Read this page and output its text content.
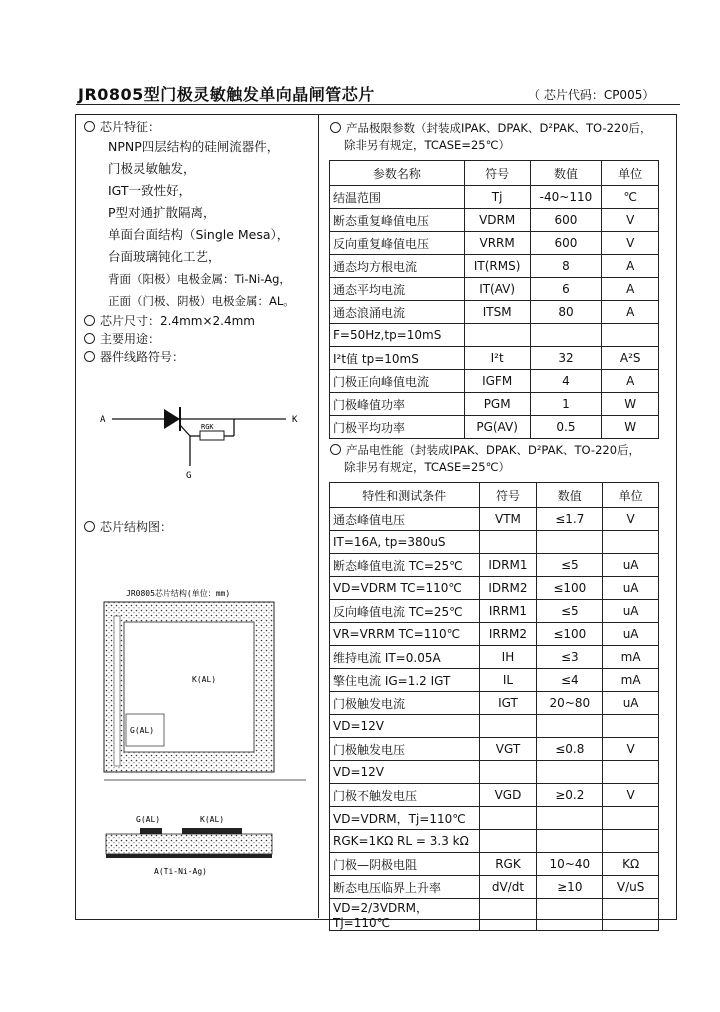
JR0805型门极灵敏触发单向晶闸管芯片	（ 芯片代码：CP005）
芯片特征：
NPNP四层结构的硅闸流器件，
门极灵敏触发，
IGT一致性好，
P型对通扩散隔离，
单面台面结构（Single Mesa），
台面玻璃钝化工艺，
背面（阳极）电极金属：Ti-Ni-Ag，
正面（门极、阴极）电极金属：AL。
芯片尺寸：2.4mm×2.4mm
主要用途：
器件线路符号：
A
RGK
K
G
芯片结构图：
JR0805芯片结构(单位：mm)
K(AL)
G(AL)
G(AL)	K(AL)
A(Ti-Ni-Ag)
产品极限参数（封装成IPAK、DPAK、D²PAK、TO-220后，
除非另有规定，TCASE=25℃）
参数名称	符号	数值	单位
结温范围	Tj	-40~110	℃
断态重复峰值电压	VDRM	600	V
反向重复峰值电压	VRRM	600	V
通态均方根电流	IT(RMS)	8	A
通态平均电流	IT(AV)	6	A
通态浪涌电流	ITSM	80	A
F=50Hz,tp=10mS			
I²t值 tp=10mS	I²t	32	A²S
门极正向峰值电流	IGFM	4	A
门极峰值功率	PGM	1	W
门极平均功率	PG(AV)	0.5	W
产品电性能（封装成IPAK、DPAK、D²PAK、TO-220后，
除非另有规定，TCASE=25℃）
特性和测试条件	符号	数值	单位
通态峰值电压	VTM	≤1.7	V
IT=16A, tp=380uS			
断态峰值电流 TC=25℃	IDRM1	≤5	uA
VD=VDRM TC=110℃	IDRM2	≤100	uA
反向峰值电流 TC=25℃	IRRM1	≤5	uA
VR=VRRM TC=110℃	IRRM2	≤100	uA
维持电流 IT=0.05A	IH	≤3	mA
擎住电流 IG=1.2 IGT	IL	≤4	mA
门极触发电流	IGT	20~80	uA
VD=12V			
门极触发电压	VGT	≤0.8	V
VD=12V			
门极不触发电压	VGD	≥0.2	V
VD=VDRM，Tj=110℃			
RGK=1KΩ RL = 3.3 kΩ			
门极—阴极电阻	RGK	10~40	KΩ
断态电压临界上升率	dV/dt	≥10	V/uS
VD=2/3VDRM，Tj=110℃			
